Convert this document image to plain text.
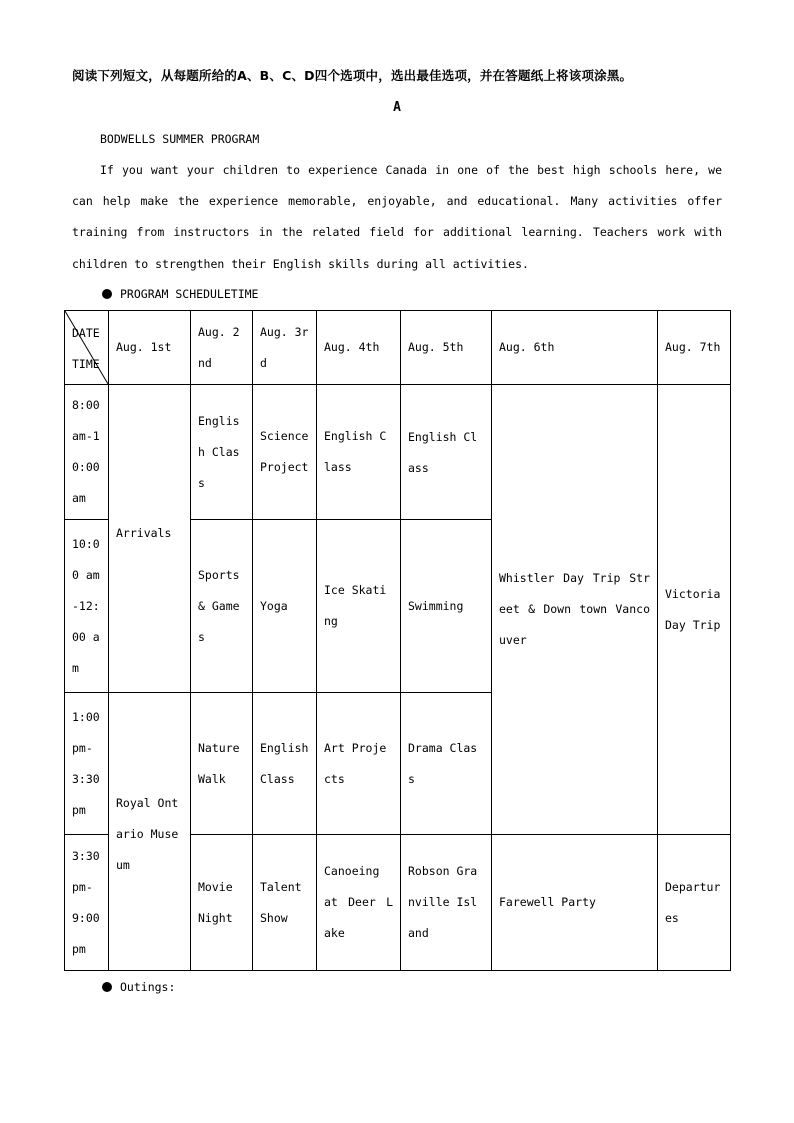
阅读下列短文，从每题所给的A、B、C、D四个选项中，选出最佳选项，并在答题纸上将该项涂黑。
A
BODWELLS SUMMER PROGRAM

If you want your children to experience Canada in one of the best high schools here, we can help make the experience memorable, enjoyable, and educational. Many activities offer training from instructors in the related field for additional learning. Teachers work with children to strengthen their English skills during all activities.

PROGRAM SCHEDULETIME
DATE
TIME	Aug. 1st	Aug. 2nd	Aug. 3rd	Aug. 4th	Aug. 5th	Aug. 6th	Aug. 7th
8:00 am-10:00 am	Arrivals	English Class	Science Project	English Class	English Class	Whistler Day Trip Street & Down town Vancouver	Victoria Day Trip
10:00 am-12:00 am		Sports & Games	Yoga	Ice Skating	Swimming		
1:00 pm-3:30 pm	Royal Ontario Museum	Nature Walk	English Class	Art Projects	Drama Class		
3:30 pm-9:00 pm		Movie Night	Talent Show	Canoeing at Deer Lake	Robson Granville Island	Farewell Party	Departures
Outings:
